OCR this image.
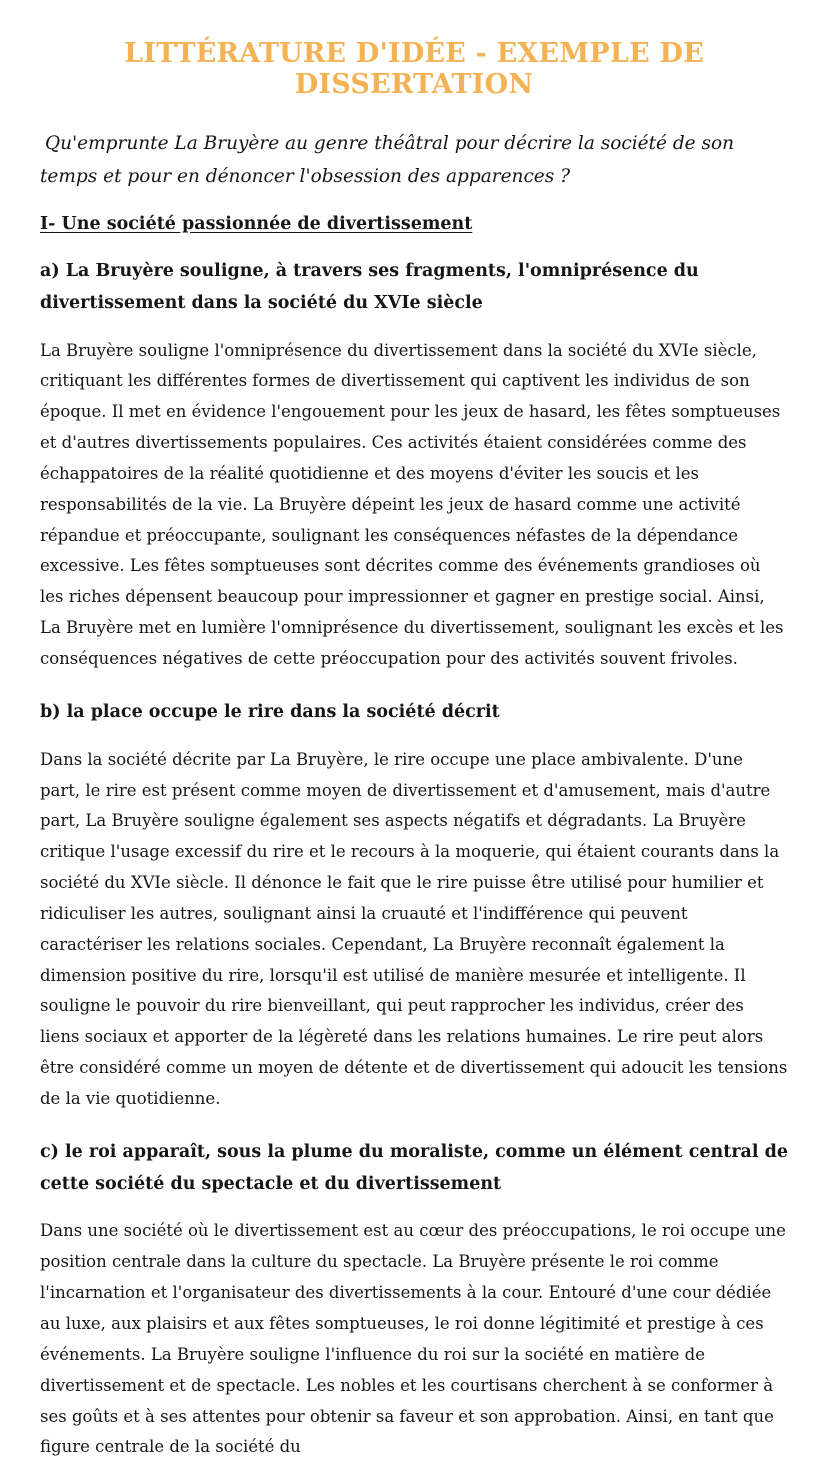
LITTÉRATURE D'IDÉE - EXEMPLE DE DISSERTATION

Qu'emprunte La Bruyère au genre théâtral pour décrire la société de son temps et pour en dénoncer l'obsession des apparences ?

I- Une société passionnée de divertissement
a) La Bruyère souligne, à travers ses fragments, l'omniprésence du divertissement dans la société du XVIe siècle

La Bruyère souligne l'omniprésence du divertissement dans la société du XVIe siècle, critiquant les différentes formes de divertissement qui captivent les individus de son époque. Il met en évidence l'engouement pour les jeux de hasard, les fêtes somptueuses et d'autres divertissements populaires. Ces activités étaient considérées comme des échappatoires de la réalité quotidienne et des moyens d'éviter les soucis et les responsabilités de la vie. La Bruyère dépeint les jeux de hasard comme une activité répandue et préoccupante, soulignant les conséquences néfastes de la dépendance excessive. Les fêtes somptueuses sont décrites comme des événements grandioses où les riches dépensent beaucoup pour impressionner et gagner en prestige social. Ainsi, La Bruyère met en lumière l'omniprésence du divertissement, soulignant les excès et les conséquences négatives de cette préoccupation pour des activités souvent frivoles.

b) la place occupe le rire dans la société décrit

Dans la société décrite par La Bruyère, le rire occupe une place ambivalente. D'une part, le rire est présent comme moyen de divertissement et d'amusement, mais d'autre part, La Bruyère souligne également ses aspects négatifs et dégradants. La Bruyère critique l'usage excessif du rire et le recours à la moquerie, qui étaient courants dans la société du XVIe siècle. Il dénonce le fait que le rire puisse être utilisé pour humilier et ridiculiser les autres, soulignant ainsi la cruauté et l'indifférence qui peuvent caractériser les relations sociales. Cependant, La Bruyère reconnaît également la dimension positive du rire, lorsqu'il est utilisé de manière mesurée et intelligente. Il souligne le pouvoir du rire bienveillant, qui peut rapprocher les individus, créer des liens sociaux et apporter de la légèreté dans les relations humaines. Le rire peut alors être considéré comme un moyen de détente et de divertissement qui adoucit les tensions de la vie quotidienne.

c) le roi apparaît, sous la plume du moraliste, comme un élément central de cette société du spectacle et du divertissement

Dans une société où le divertissement est au cœur des préoccupations, le roi occupe une position centrale dans la culture du spectacle. La Bruyère présente le roi comme l'incarnation et l'organisateur des divertissements à la cour. Entouré d'une cour dédiée au luxe, aux plaisirs et aux fêtes somptueuses, le roi donne légitimité et prestige à ces événements. La Bruyère souligne l'influence du roi sur la société en matière de divertissement et de spectacle. Les nobles et les courtisans cherchent à se conformer à ses goûts et à ses attentes pour obtenir sa faveur et son approbation. Ainsi, en tant que figure centrale de la société du
